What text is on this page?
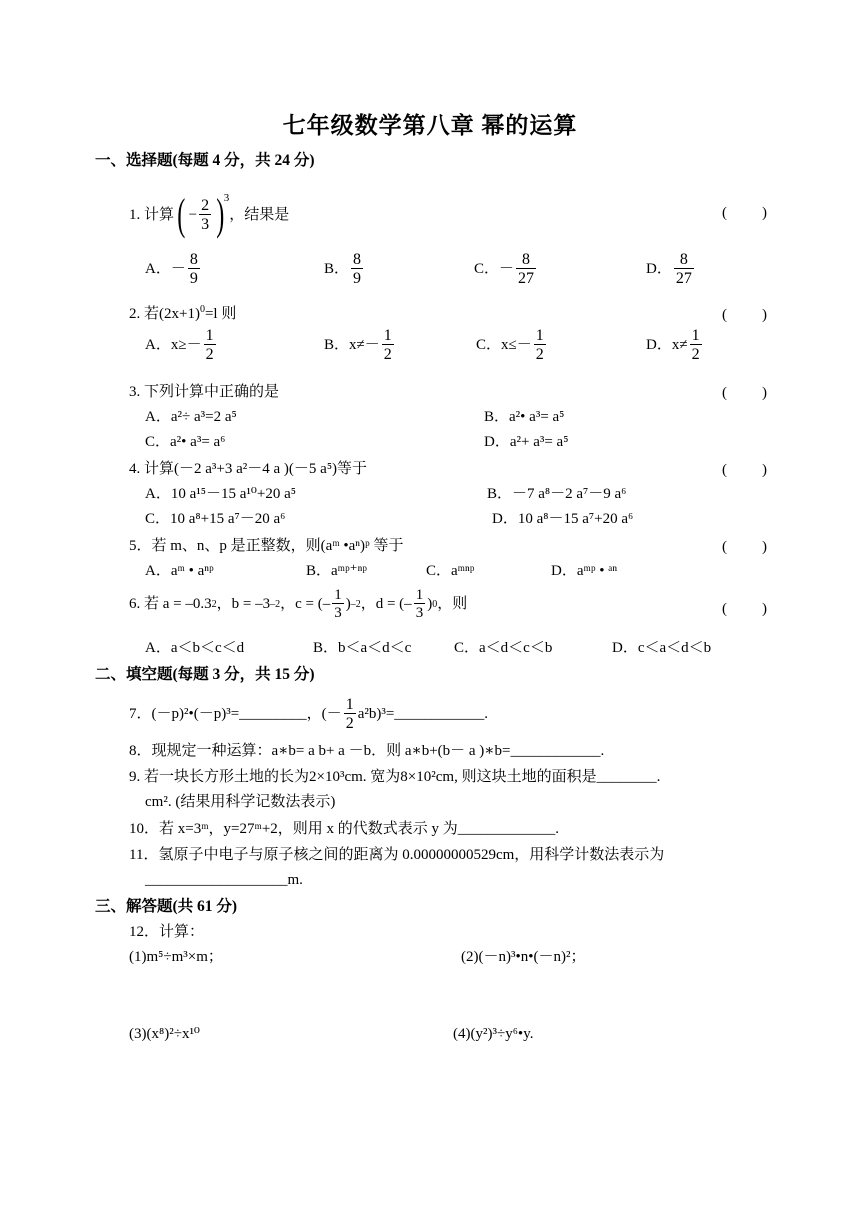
七年级数学第八章 幂的运算
一、选择题(每题 4 分，共 24 分)
1. 计算 ( − $\frac{2}{3}$ ) 3
，结果是	( )
A．－ $\frac{8}{9}$	B． $\frac{8}{9}$	C．－ $\frac{8}{27}$	D． $\frac{8}{27}$
2. 若$(2x+1)^0=l$ 则	( )
A．$x\ge- \frac{1}{2}$	B．$x\ne- \frac{1}{2}$	C．$x\le- \frac{1}{2}$	D．$x\ne \frac{1}{2}$
3. 下列计算中正确的是	( )
A．a²÷ a³=2 a⁵	B．a²• a³= a⁵
C．a²• a³= a⁶	D．a²+ a³= a⁵
4. 计算(－2 a³+3 a²－4 a )(－5 a⁵)等于	( )
A．10 a¹⁵－15 a¹⁰+20 a⁵	B．－7 a⁸－2 a⁷－9 a⁶
C．10 a⁸+15 a⁷－20 a⁶	D．10 a⁸－15 a⁷+20 a⁶
5．若 m、n、p 是正整数，则(aᵐ •aⁿ)ᵖ 等于	( )
A．aᵐ • aⁿᵖ	B．aᵐᵖ⁺ⁿᵖ	C．aᵐⁿᵖ	D．aᵐᵖ • ᵃⁿ
6. 若 a = –0.3 2 ，b = –3 –2 ，c = (– $\frac{1}{3}$ ) –2 ，d = (– $\frac{1}{3}$ ) 0 ，则	( )
A．a＜b＜c＜d	B．b＜a＜d＜c	C．a＜d＜c＜b	D．c＜a＜d＜b
二、填空题(每题 3 分，共 15 分)
7．(－p)²•(－p)³=_________，(－ $\frac{1}{2}$ a²b)³=____________.
8．现规定一种运算：a∗b= a b+ a －b．则 a∗b+(b－ a )∗b=____________.
9. 若一块长方形土地的长为2×10³cm. 宽为8×10²cm, 则这块土地的面积是________.
cm². (结果用科学记数法表示)
10．若 x=3ᵐ，y=27ᵐ+2，则用 x 的代数式表示 y 为_____________.
11．氢原子中电子与原子核之间的距离为 0.00000000529cm，用科学计数法表示为
___________________m.
三、解答题(共 61 分)
12．计算：
(1)m⁵÷m³×m；	(2)(－n)³•n•(－n)²；
(3)(x⁸)²÷x¹⁰	(4)(y²)³÷y⁶•y.
